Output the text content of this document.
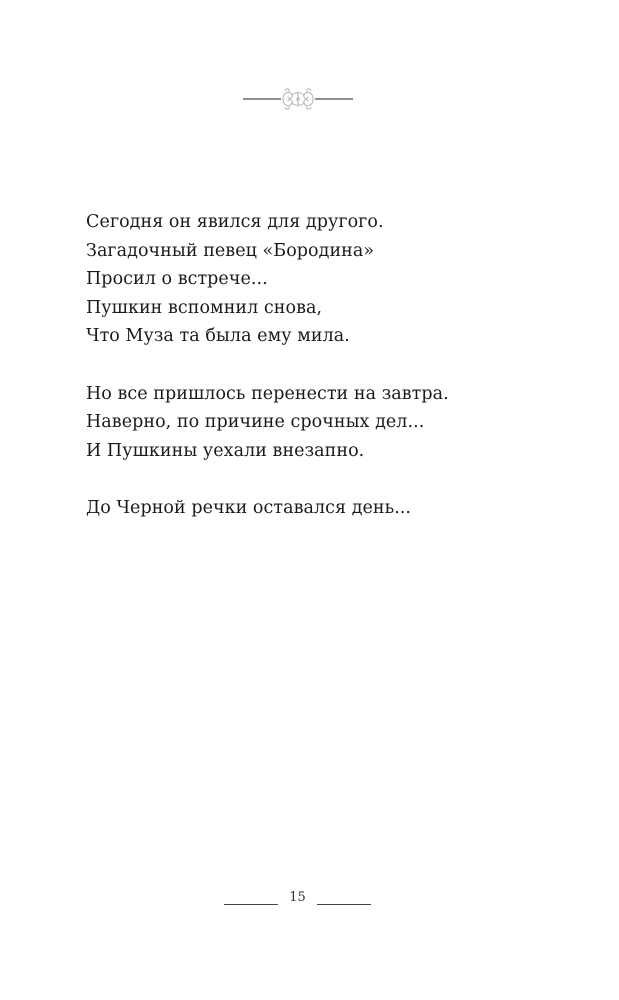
Сегодня он явился для другого.
Загадочный певец «Бородина»
Просил о встрече...
Пушкин вспомнил снова,
Что Муза та была ему мила.
Но все пришлось перенести на завтра.
Наверно, по причине срочных дел...
И Пушкины уехали внезапно.
До Черной речки оставался день...
15
